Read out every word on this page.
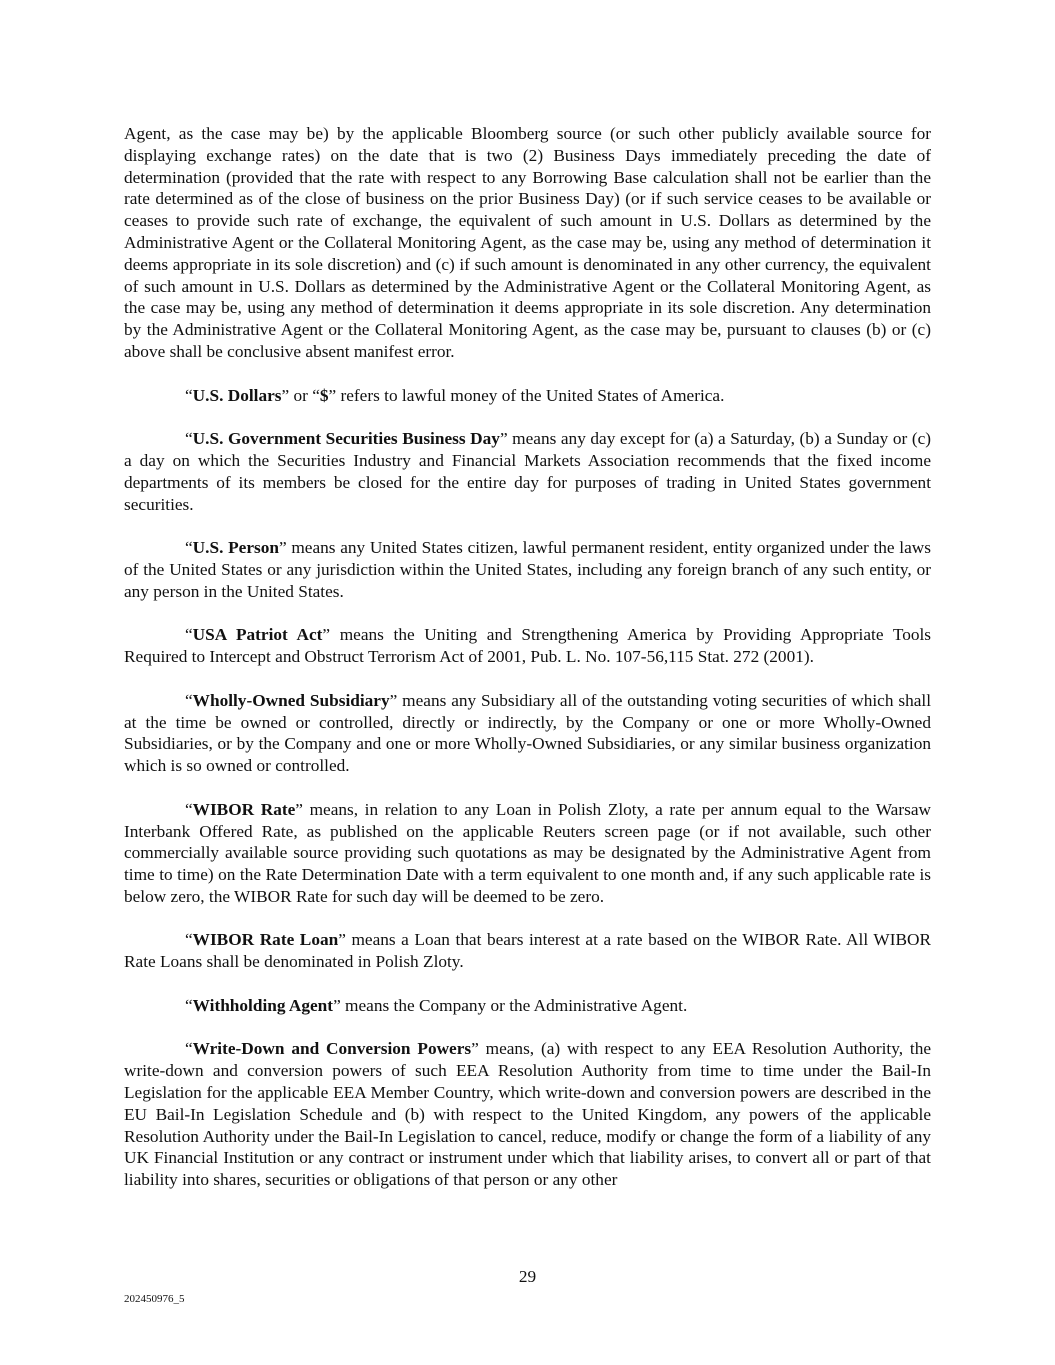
Agent, as the case may be) by the applicable Bloomberg source (or such other publicly available source for displaying exchange rates) on the date that is two (2) Business Days immediately preceding the date of determination (provided that the rate with respect to any Borrowing Base calculation shall not be earlier than the rate determined as of the close of business on the prior Business Day) (or if such service ceases to be available or ceases to provide such rate of exchange, the equivalent of such amount in U.S. Dollars as determined by the Administrative Agent or the Collateral Monitoring Agent, as the case may be, using any method of determination it deems appropriate in its sole discretion) and (c) if such amount is denominated in any other currency, the equivalent of such amount in U.S. Dollars as determined by the Administrative Agent or the Collateral Monitoring Agent, as the case may be, using any method of determination it deems appropriate in its sole discretion. Any determination by the Administrative Agent or the Collateral Monitoring Agent, as the case may be, pursuant to clauses (b) or (c) above shall be conclusive absent manifest error.

“U.S. Dollars” or “$” refers to lawful money of the United States of America.

“U.S. Government Securities Business Day” means any day except for (a) a Saturday, (b) a Sunday or (c) a day on which the Securities Industry and Financial Markets Association recommends that the fixed income departments of its members be closed for the entire day for purposes of trading in United States government securities.

“U.S. Person” means any United States citizen, lawful permanent resident, entity organized under the laws of the United States or any jurisdiction within the United States, including any foreign branch of any such entity, or any person in the United States.

“USA Patriot Act” means the Uniting and Strengthening America by Providing Appropriate Tools Required to Intercept and Obstruct Terrorism Act of 2001, Pub. L. No. 107-56,115 Stat. 272 (2001).

“Wholly-Owned Subsidiary” means any Subsidiary all of the outstanding voting securities of which shall at the time be owned or controlled, directly or indirectly, by the Company or one or more Wholly-Owned Subsidiaries, or by the Company and one or more Wholly-Owned Subsidiaries, or any similar business organization which is so owned or controlled.

“WIBOR Rate” means, in relation to any Loan in Polish Zloty, a rate per annum equal to the Warsaw Interbank Offered Rate, as published on the applicable Reuters screen page (or if not available, such other commercially available source providing such quotations as may be designated by the Administrative Agent from time to time) on the Rate Determination Date with a term equivalent to one month and, if any such applicable rate is below zero, the WIBOR Rate for such day will be deemed to be zero.

“WIBOR Rate Loan” means a Loan that bears interest at a rate based on the WIBOR Rate. All WIBOR Rate Loans shall be denominated in Polish Zloty.

“Withholding Agent” means the Company or the Administrative Agent.

“Write-Down and Conversion Powers” means, (a) with respect to any EEA Resolution Authority, the write-down and conversion powers of such EEA Resolution Authority from time to time under the Bail-In Legislation for the applicable EEA Member Country, which write-down and conversion powers are described in the EU Bail-In Legislation Schedule and (b) with respect to the United Kingdom, any powers of the applicable Resolution Authority under the Bail-In Legislation to cancel, reduce, modify or change the form of a liability of any UK Financial Institution or any contract or instrument under which that liability arises, to convert all or part of that liability into shares, securities or obligations of that person or any other

29
202450976_5
